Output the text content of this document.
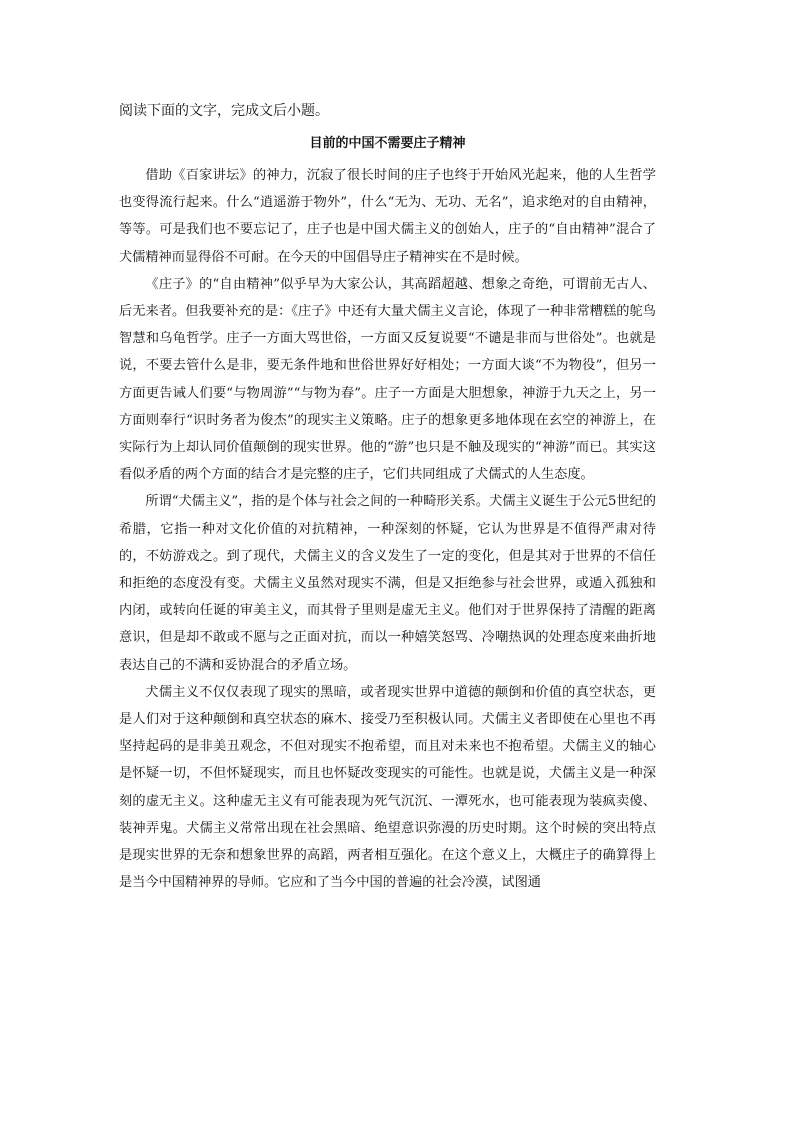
阅读下面的文字，完成文后小题。

目前的中国不需要庄子精神

借助《百家讲坛》的神力，沉寂了很长时间的庄子也终于开始风光起来，他的人生哲学也变得流行起来。什么“逍遥游于物外”，什么“无为、无功、无名”，追求绝对的自由精神，等等。可是我们也不要忘记了，庄子也是中国犬儒主义的创始人，庄子的“自由精神”混合了犬儒精神而显得俗不可耐。在今天的中国倡导庄子精神实在不是时候。

《庄子》的“自由精神”似乎早为大家公认，其高蹈超越、想象之奇绝，可谓前无古人、后无来者。但我要补充的是：《庄子》中还有大量犬儒主义言论，体现了一种非常糟糕的鸵鸟智慧和乌龟哲学。庄子一方面大骂世俗，一方面又反复说要“不谴是非而与世俗处”。也就是说，不要去管什么是非，要无条件地和世俗世界好好相处；一方面大谈“不为物役”，但另一方面更告诫人们要“与物周游”“与物为春”。庄子一方面是大胆想象，神游于九天之上，另一方面则奉行“识时务者为俊杰”的现实主义策略。庄子的想象更多地体现在玄空的神游上，在实际行为上却认同价值颠倒的现实世界。他的“游”也只是不触及现实的“神游”而已。其实这看似矛盾的两个方面的结合才是完整的庄子，它们共同组成了犬儒式的人生态度。

所谓“犬儒主义”，指的是个体与社会之间的一种畸形关系。犬儒主义诞生于公元5世纪的希腊，它指一种对文化价值的对抗精神，一种深刻的怀疑，它认为世界是不值得严肃对待的，不妨游戏之。到了现代，犬儒主义的含义发生了一定的变化，但是其对于世界的不信任和拒绝的态度没有变。犬儒主义虽然对现实不满，但是又拒绝参与社会世界，或遁入孤独和内闭，或转向任诞的审美主义，而其骨子里则是虚无主义。他们对于世界保持了清醒的距离意识，但是却不敢或不愿与之正面对抗，而以一种嬉笑怒骂、冷嘲热讽的处理态度来曲折地表达自己的不满和妥协混合的矛盾立场。

犬儒主义不仅仅表现了现实的黑暗，或者现实世界中道德的颠倒和价值的真空状态，更是人们对于这种颠倒和真空状态的麻木、接受乃至积极认同。犬儒主义者即使在心里也不再坚持起码的是非美丑观念，不但对现实不抱希望，而且对未来也不抱希望。犬儒主义的轴心是怀疑一切，不但怀疑现实，而且也怀疑改变现实的可能性。也就是说，犬儒主义是一种深刻的虚无主义。这种虚无主义有可能表现为死气沉沉、一潭死水，也可能表现为装疯卖傻、装神弄鬼。犬儒主义常常出现在社会黑暗、绝望意识弥漫的历史时期。这个时候的突出特点是现实世界的无奈和想象世界的高蹈，两者相互强化。在这个意义上，大概庄子的确算得上是当今中国精神界的导师。它应和了当今中国的普遍的社会冷漠，试图通
